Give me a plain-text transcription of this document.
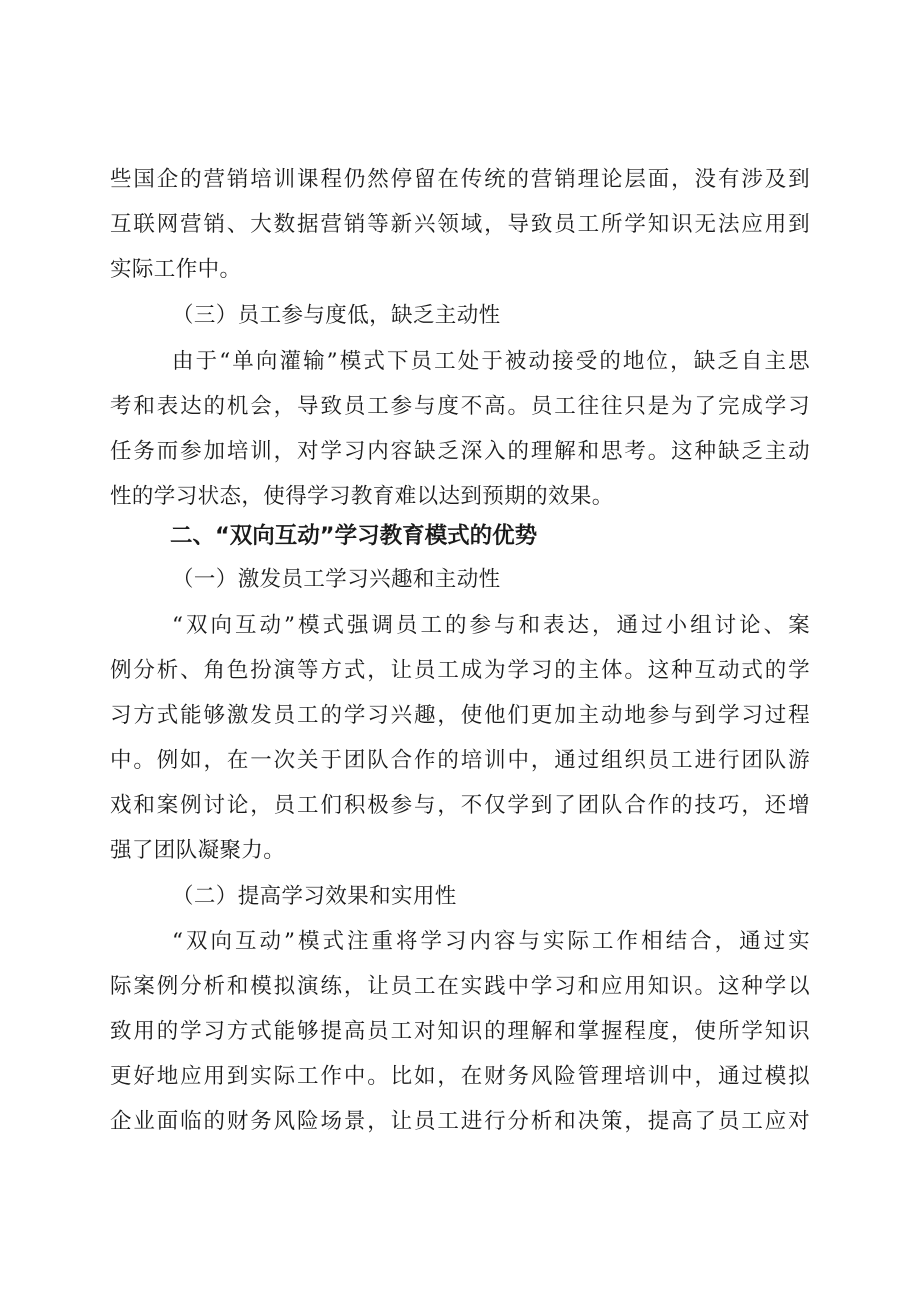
些国企的营销培训课程仍然停留在传统的营销理论层面，没有涉及到
互联网营销、大数据营销等新兴领域，导致员工所学知识无法应用到
实际工作中。
（三）员工参与度低，缺乏主动性
由于“单向灌输”模式下员工处于被动接受的地位，缺乏自主思
考和表达的机会，导致员工参与度不高。员工往往只是为了完成学习
任务而参加培训，对学习内容缺乏深入的理解和思考。这种缺乏主动
性的学习状态，使得学习教育难以达到预期的效果。
二、“双向互动”学习教育模式的优势
（一）激发员工学习兴趣和主动性
“双向互动”模式强调员工的参与和表达，通过小组讨论、案
例分析、角色扮演等方式，让员工成为学习的主体。这种互动式的学
习方式能够激发员工的学习兴趣，使他们更加主动地参与到学习过程
中。例如，在一次关于团队合作的培训中，通过组织员工进行团队游
戏和案例讨论，员工们积极参与，不仅学到了团队合作的技巧，还增
强了团队凝聚力。
（二）提高学习效果和实用性
“双向互动”模式注重将学习内容与实际工作相结合，通过实
际案例分析和模拟演练，让员工在实践中学习和应用知识。这种学以
致用的学习方式能够提高员工对知识的理解和掌握程度，使所学知识
更好地应用到实际工作中。比如，在财务风险管理培训中，通过模拟
企业面临的财务风险场景，让员工进行分析和决策，提高了员工应对
